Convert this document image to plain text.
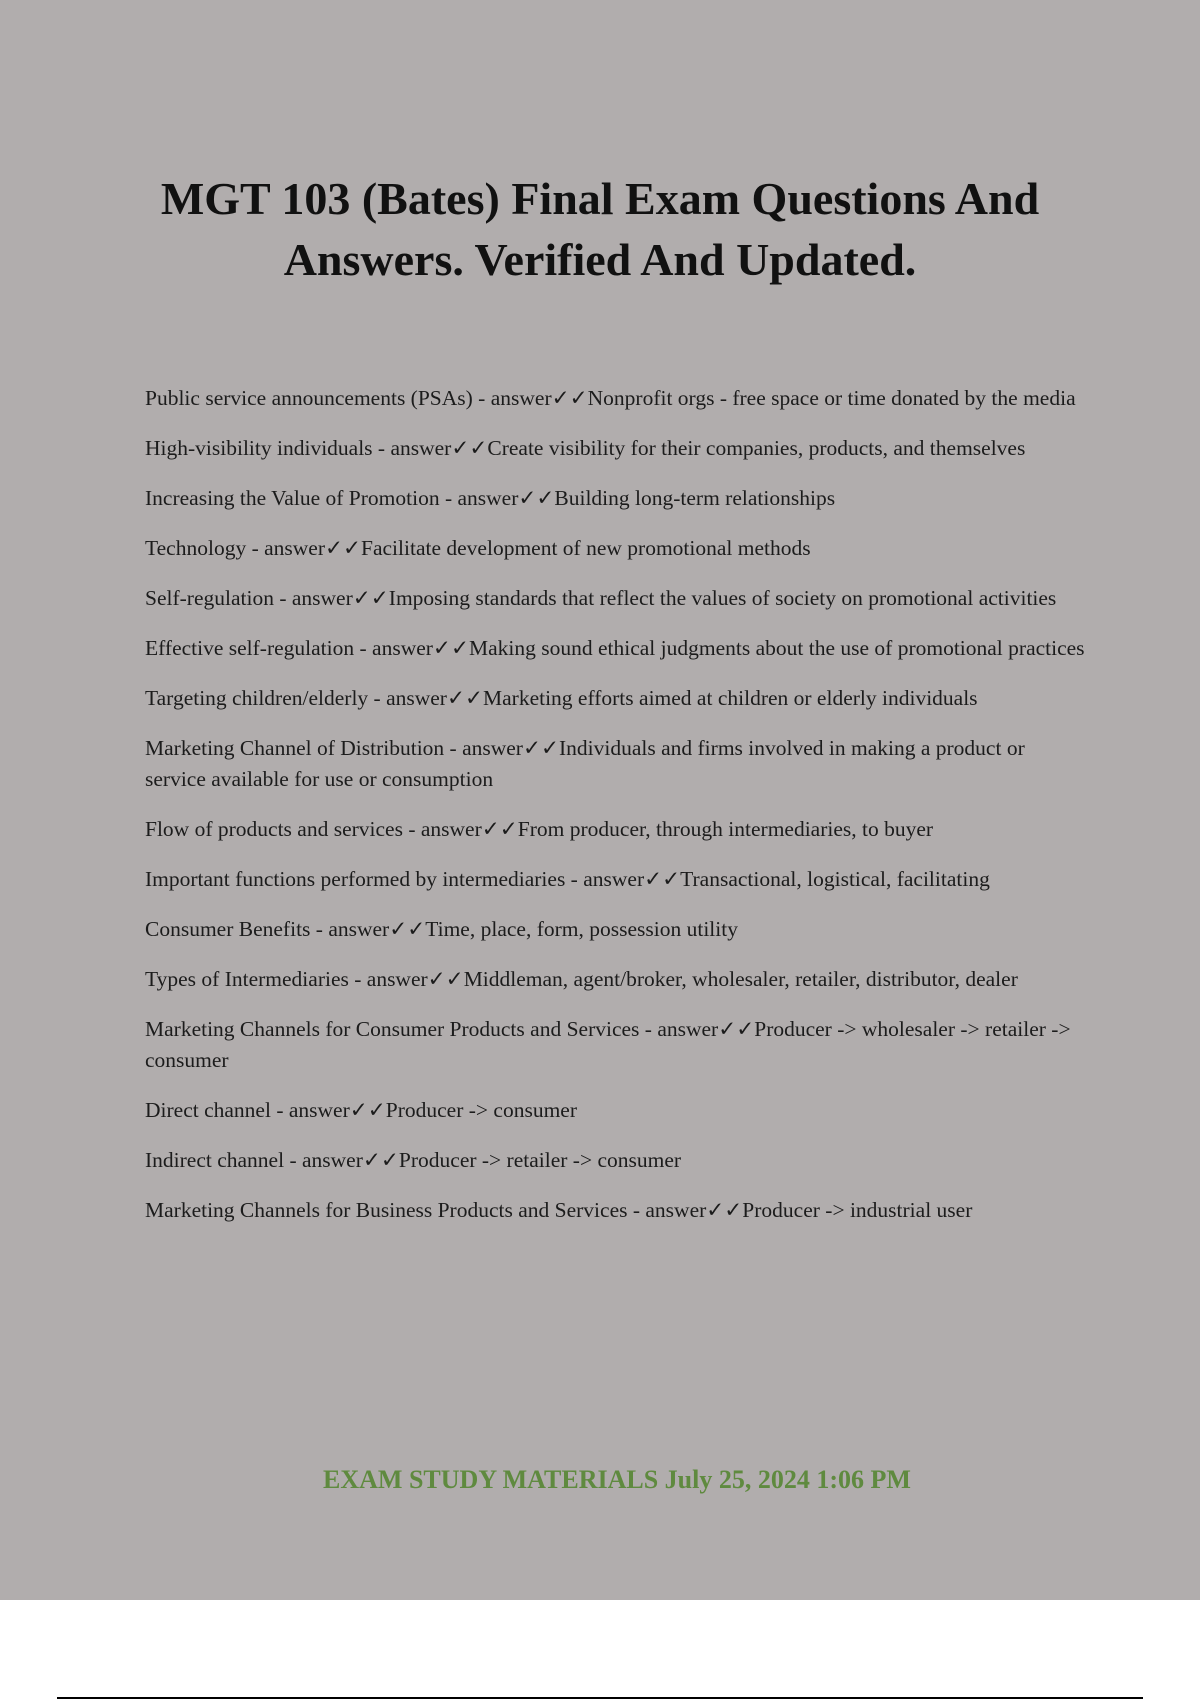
MGT 103 (Bates) Final Exam Questions And Answers. Verified And Updated.
Public service announcements (PSAs) - answer✓✓Nonprofit orgs - free space or time donated by the media
High-visibility individuals - answer✓✓Create visibility for their companies, products, and themselves
Increasing the Value of Promotion - answer✓✓Building long-term relationships
Technology - answer✓✓Facilitate development of new promotional methods
Self-regulation - answer✓✓Imposing standards that reflect the values of society on promotional activities
Effective self-regulation - answer✓✓Making sound ethical judgments about the use of promotional practices
Targeting children/elderly - answer✓✓Marketing efforts aimed at children or elderly individuals
Marketing Channel of Distribution - answer✓✓Individuals and firms involved in making a product or service available for use or consumption
Flow of products and services - answer✓✓From producer, through intermediaries, to buyer
Important functions performed by intermediaries - answer✓✓Transactional, logistical, facilitating
Consumer Benefits - answer✓✓Time, place, form, possession utility
Types of Intermediaries - answer✓✓Middleman, agent/broker, wholesaler, retailer, distributor, dealer
Marketing Channels for Consumer Products and Services - answer✓✓Producer -> wholesaler -> retailer -> consumer
Direct channel - answer✓✓Producer -> consumer
Indirect channel - answer✓✓Producer -> retailer -> consumer
Marketing Channels for Business Products and Services - answer✓✓Producer -> industrial user
EXAM STUDY MATERIALS July 25, 2024 1:06 PM
